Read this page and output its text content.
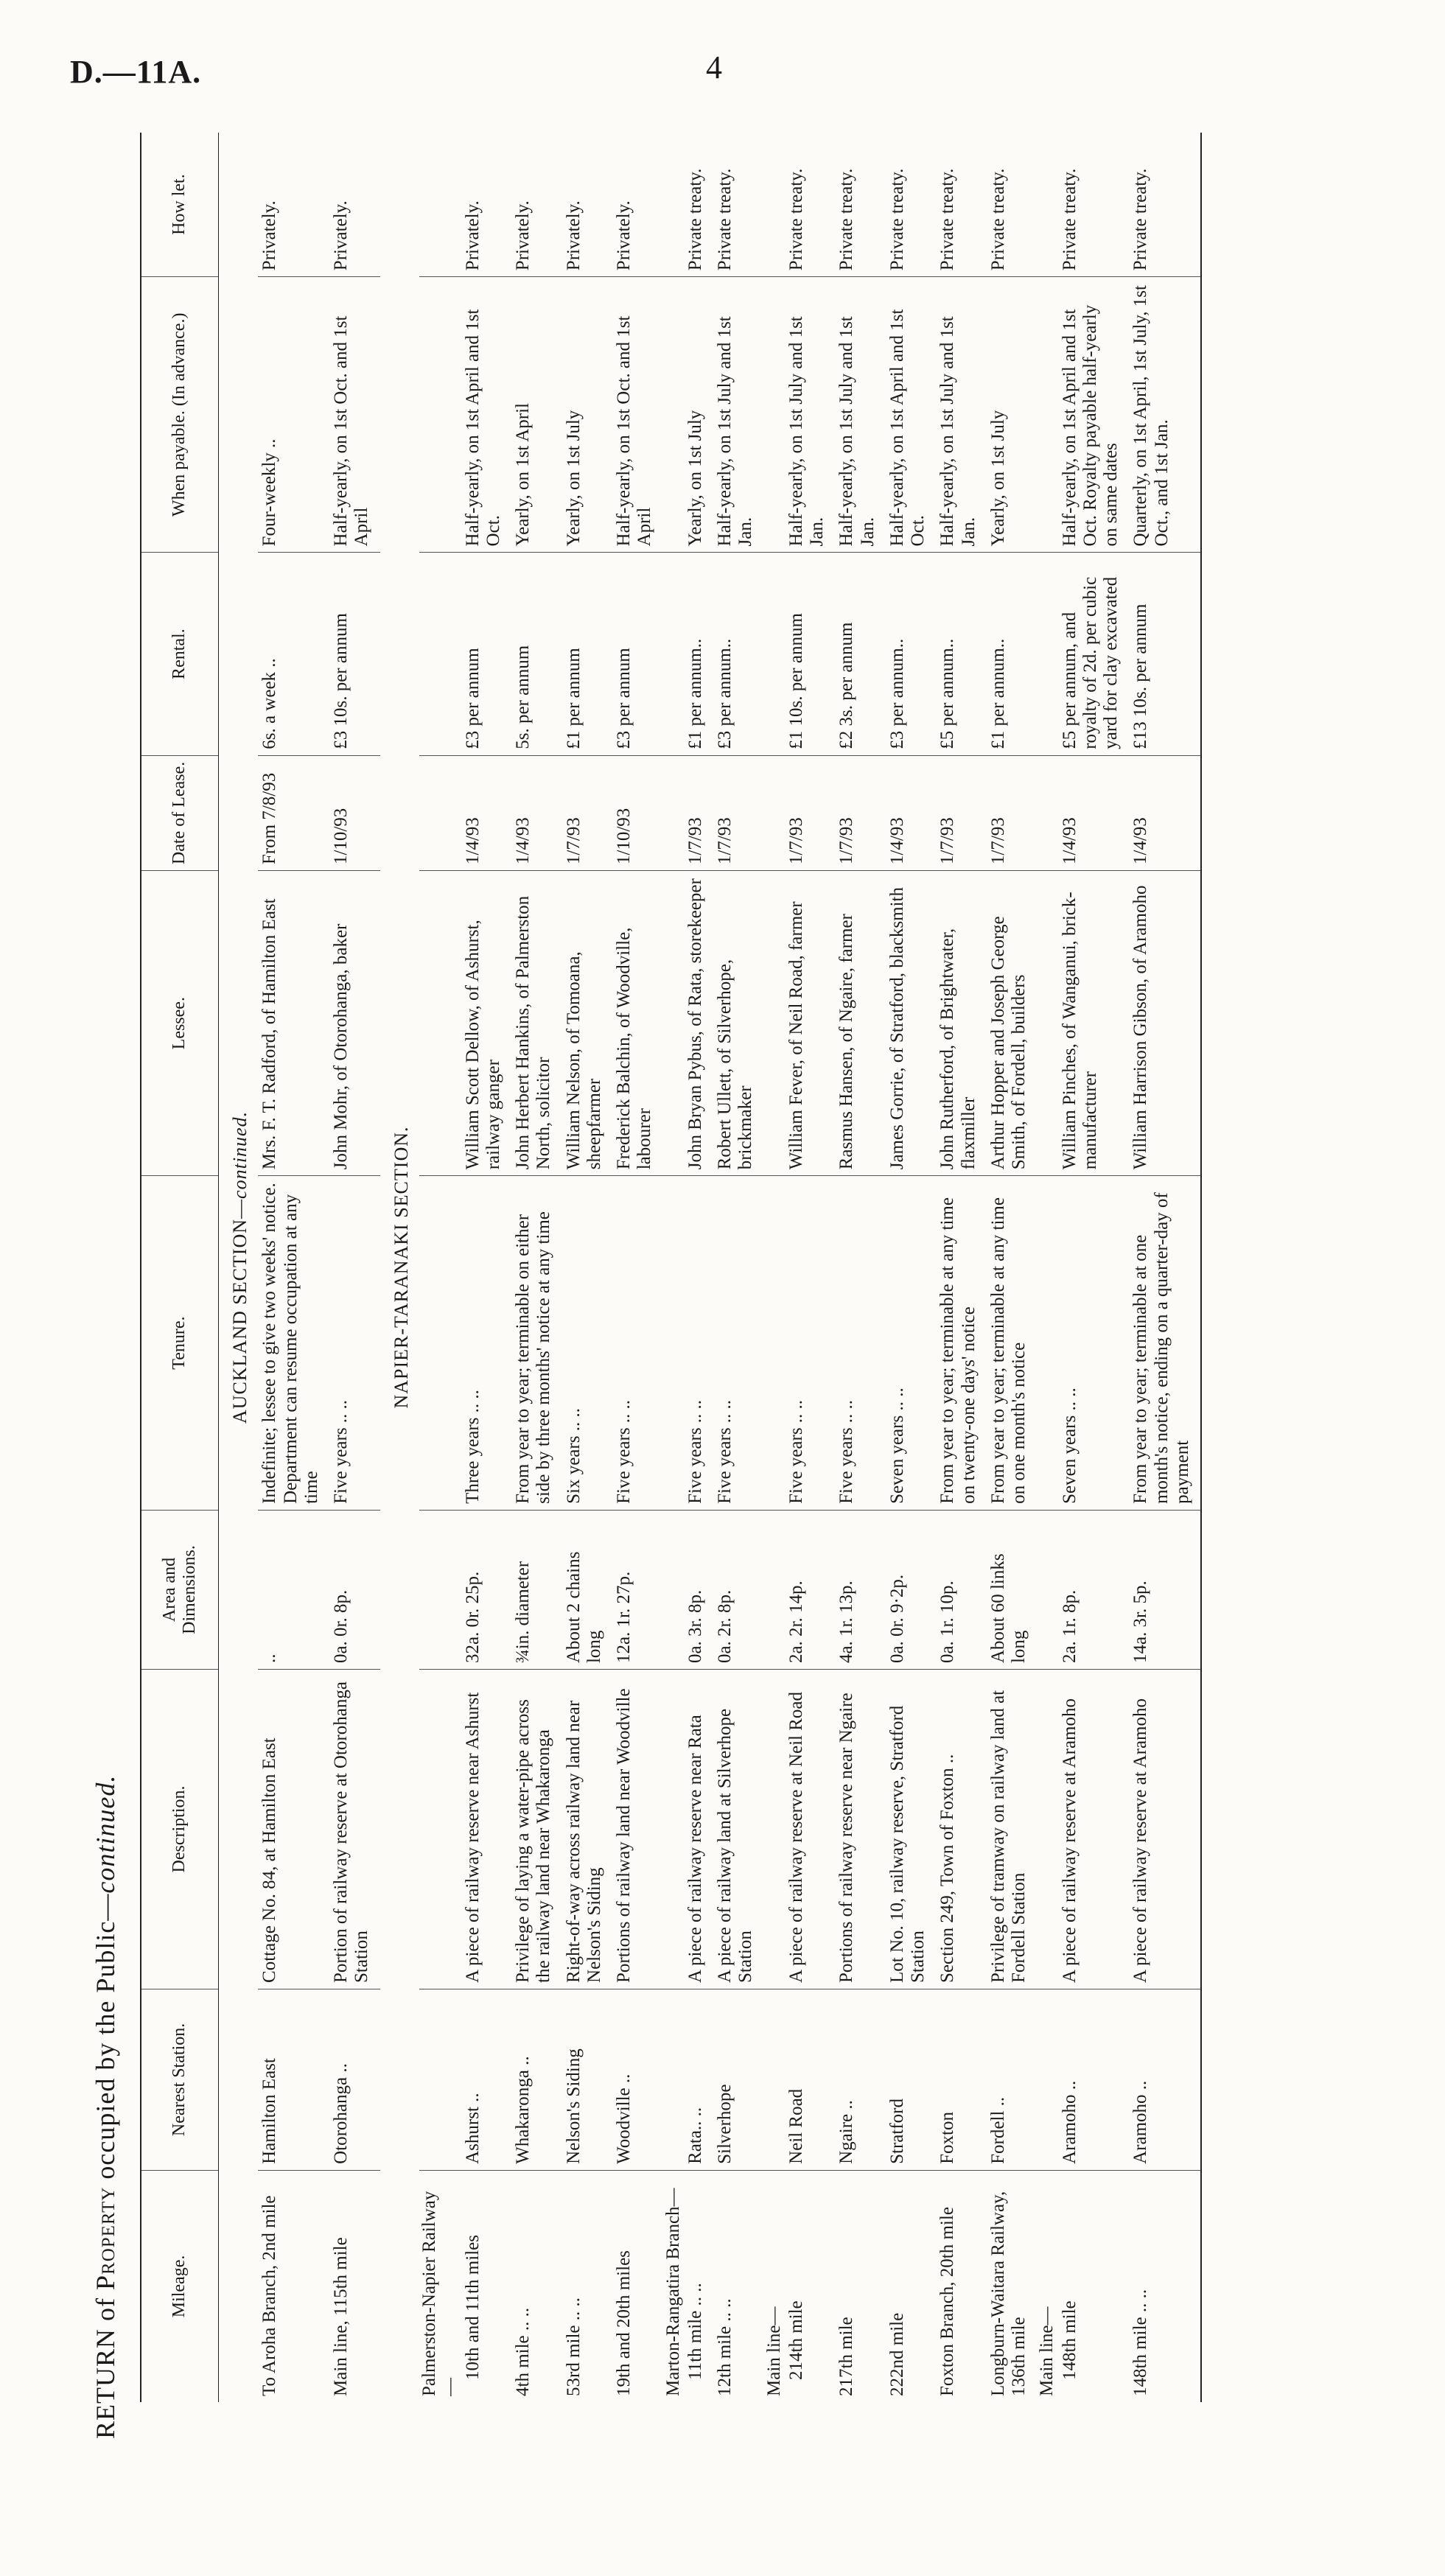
D.—11A.	4
RETURN of Property occupied by the Public—continued.
Mileage.	Nearest Station.	Description.	Area and Dimensions.	Tenure.	Lessee.	Date of Lease.	Rental.	When payable. (In advance.)	How let.
AUCKLAND SECTION—continued.									
To Aroha Branch, 2nd mile	Hamilton East	Cottage No. 84, at Hamilton East	..	Indefinite; lessee to give two weeks' notice. Department can resume occupation at any time	Mrs. F. T. Radford, of Hamilton East	From 7/8/93	6s. a week ..	Four-weekly ..	Privately.

Main line, 115th mile	Otorohanga ..	Portion of railway reserve at Otorohanga Station	0a. 0r. 8p.	Five years .. ..	John Mohr, of Otorohanga, baker	1/10/93	£3 10s. per annum	Half-yearly, on 1st Oct. and 1st April	Privately.

NAPIER-TARANAKI SECTION.									
Palmerston-Napier Railway—									
10th and 11th miles	Ashurst ..	A piece of railway reserve near Ashurst	32a. 0r. 25p.	Three years .. ..	William Scott Dellow, of Ashurst, railway ganger	1/4/93	£3 per annum	Half-yearly, on 1st April and 1st Oct.	Privately.

4th mile .. ..	Whakaronga ..	Privilege of laying a water-pipe across the railway land near Whakaronga	¾in. diameter	From year to year; terminable on either side by three months' notice at any time	John Herbert Hankins, of Palmerston North, solicitor	1/4/93	5s. per annum	Yearly, on 1st April	Privately.

53rd mile .. ..	Nelson's Siding	Right-of-way across railway land near Nelson's Siding	About 2 chains long	Six years .. ..	William Nelson, of Tomoana, sheepfarmer	1/7/93	£1 per annum	Yearly, on 1st July	Privately.

19th and 20th miles	Woodville ..	Portions of railway land near Woodville	12a. 1r. 27p.	Five years .. ..	Frederick Balchin, of Woodville, labourer	1/10/93	£3 per annum	Half-yearly, on 1st Oct. and 1st April	Privately.

Marton-Rangatira Branch—									
11th mile .. ..	Rata.. ..	A piece of railway reserve near Rata	0a. 3r. 8p.	Five years .. ..	John Bryan Pybus, of Rata, storekeeper	1/7/93	£1 per annum..	Yearly, on 1st July	Private treaty.

12th mile .. ..	Silverhope	A piece of railway land at Silverhope Station	0a. 2r. 8p.	Five years .. ..	Robert Ullett, of Silverhope, brickmaker	1/7/93	£3 per annum..	Half-yearly, on 1st July and 1st Jan.	Private treaty.

Main line—									
214th mile	Neil Road	A piece of railway reserve at Neil Road	2a. 2r. 14p.	Five years .. ..	William Fever, of Neil Road, farmer	1/7/93	£1 10s. per annum	Half-yearly, on 1st July and 1st Jan.	Private treaty.

217th mile	Ngaire ..	Portions of railway reserve near Ngaire	4a. 1r. 13p.	Five years .. ..	Rasmus Hansen, of Ngaire, farmer	1/7/93	£2 3s. per annum	Half-yearly, on 1st July and 1st Jan.	Private treaty.

222nd mile	Stratford	Lot No. 10, railway reserve, Stratford Station	0a. 0r. 9·2p.	Seven years .. ..	James Gorrie, of Stratford, blacksmith	1/4/93	£3 per annum..	Half-yearly, on 1st April and 1st Oct.	Private treaty.

Foxton Branch, 20th mile	Foxton	Section 249, Town of Foxton ..	0a. 1r. 10p.	From year to year; terminable at any time on twenty-one days' notice	John Rutherford, of Brightwater, flaxmiller	1/7/93	£5 per annum..	Half-yearly, on 1st July and 1st Jan.	Private treaty.

Longburn-Waitara Railway, 136th mile	Fordell ..	Privilege of tramway on railway land at Fordell Station	About 60 links long	From year to year; terminable at any time on one month's notice	Arthur Hopper and Joseph George Smith, of Fordell, builders	1/7/93	£1 per annum..	Yearly, on 1st July	Private treaty.

Main line—									
148th mile	Aramoho ..	A piece of railway reserve at Aramoho	2a. 1r. 8p.	Seven years .. ..	William Pinches, of Wanganui, brick-manufacturer	1/4/93	£5 per annum, and royalty of 2d. per cubic yard for clay excavated	Half-yearly, on 1st April and 1st Oct. Royalty payable half-yearly on same dates	Private treaty.

148th mile .. ..	Aramoho ..	A piece of railway reserve at Aramoho	14a. 3r. 5p.	From year to year; terminable at one month's notice, ending on a quarter-day of payment	William Harrison Gibson, of Aramoho	1/4/93	£13 10s. per annum	Quarterly, on 1st April, 1st July, 1st Oct., and 1st Jan.	Private treaty.
